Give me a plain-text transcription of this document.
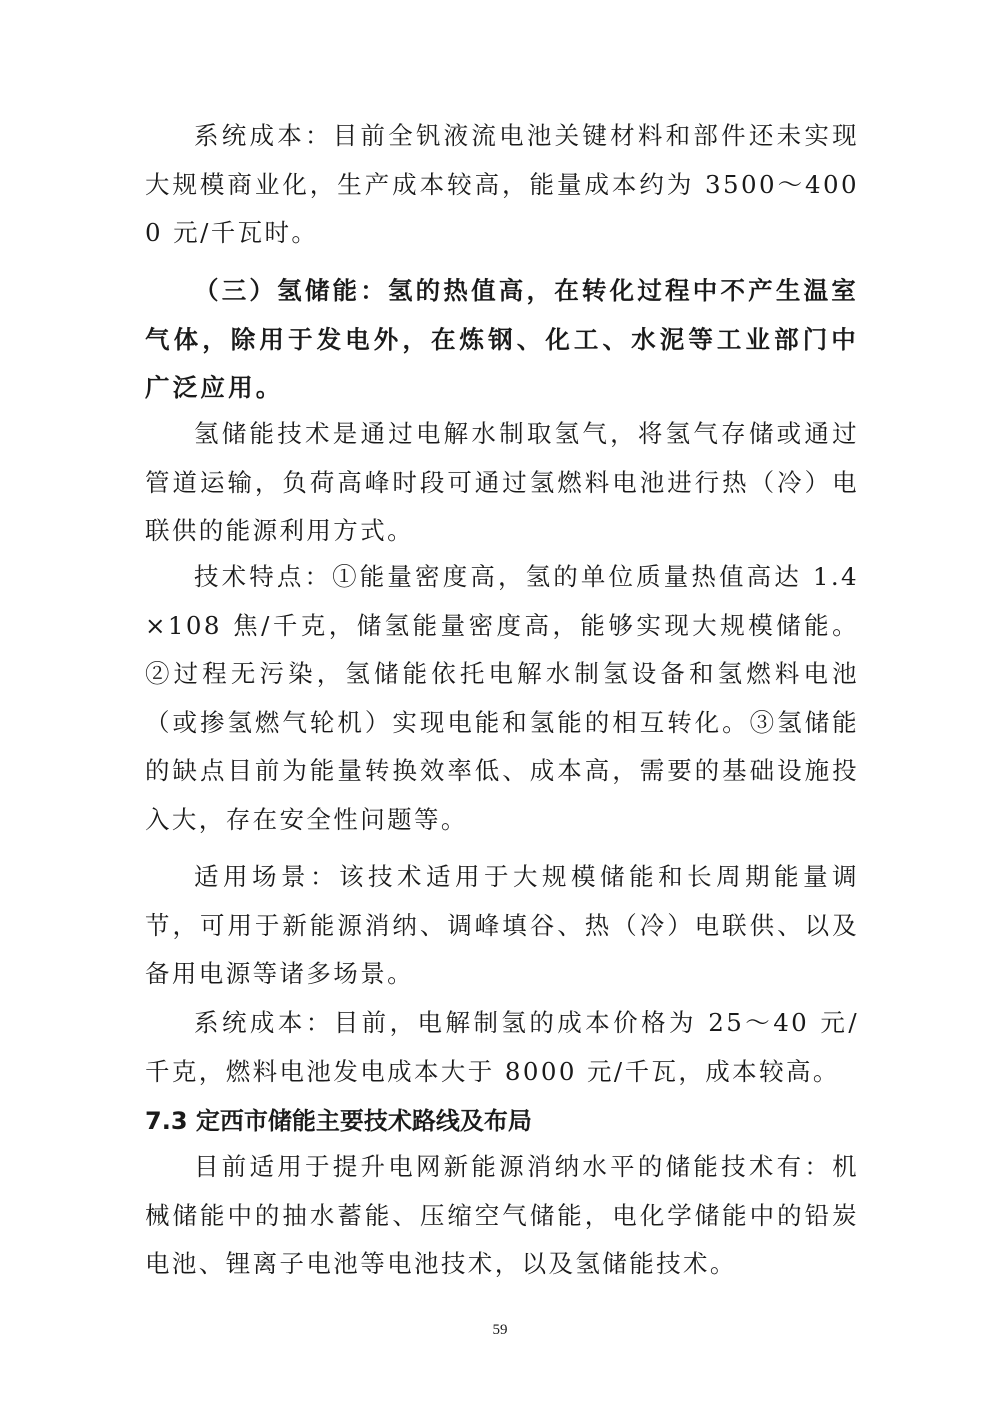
系统成本：目前全钒液流电池关键材料和部件还未实现大规模商业化，生产成本较高，能量成本约为 3500～4000 元/千瓦时。

（三）氢储能：氢的热值高，在转化过程中不产生温室气体，除用于发电外，在炼钢、化工、水泥等工业部门中广泛应用。

氢储能技术是通过电解水制取氢气，将氢气存储或通过管道运输，负荷高峰时段可通过氢燃料电池进行热（冷）电联供的能源利用方式。

技术特点：①能量密度高，氢的单位质量热值高达 1.4×108 焦/千克，储氢能量密度高，能够实现大规模储能。②过程无污染，氢储能依托电解水制氢设备和氢燃料电池（或掺氢燃气轮机）实现电能和氢能的相互转化。③氢储能的缺点目前为能量转换效率低、成本高，需要的基础设施投入大，存在安全性问题等。

适用场景：该技术适用于大规模储能和长周期能量调节，可用于新能源消纳、调峰填谷、热（冷）电联供、以及备用电源等诸多场景。

系统成本：目前，电解制氢的成本价格为 25～40 元/千克，燃料电池发电成本大于 8000 元/千瓦，成本较高。

7.3 定西市储能主要技术路线及布局

目前适用于提升电网新能源消纳水平的储能技术有：机械储能中的抽水蓄能、压缩空气储能，电化学储能中的铅炭电池、锂离子电池等电池技术，以及氢储能技术。

59
